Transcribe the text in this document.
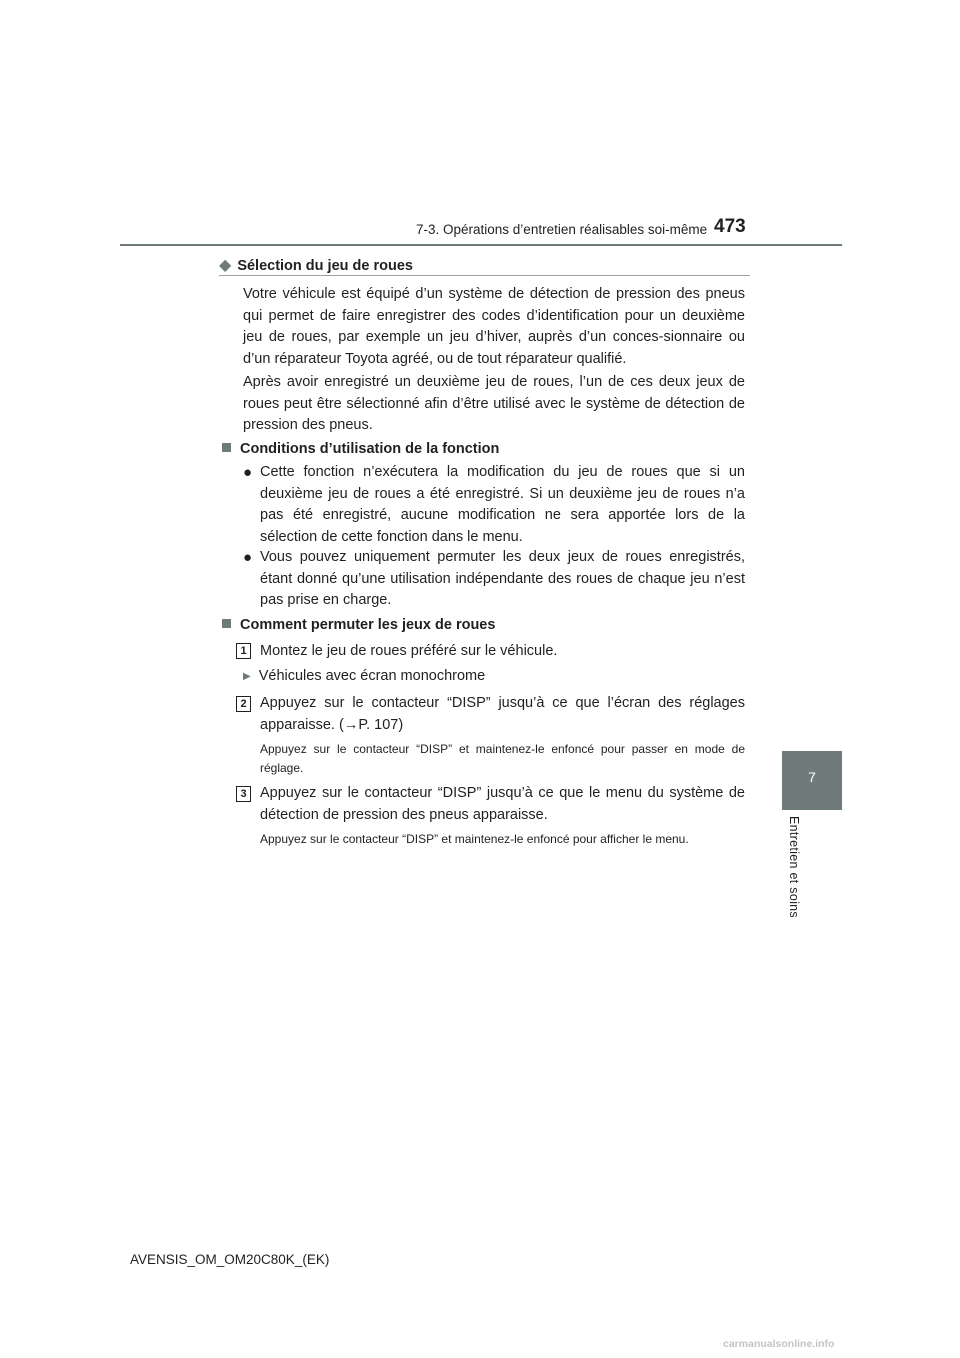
7-3. Opérations d’entretien réalisables soi-même 473
7
Entretien et soins
◆ Sélection du jeu de roues
Votre véhicule est équipé d’un système de détection de pression des pneus qui permet de faire enregistrer des codes d’identification pour un deuxième jeu de roues, par exemple un jeu d’hiver, auprès d’un conces-sionnaire ou d’un réparateur Toyota agréé, ou de tout réparateur qualifié.
Après avoir enregistré un deuxième jeu de roues, l’un de ces deux jeux de roues peut être sélectionné afin d’être utilisé avec le système de détection de pression des pneus.
Conditions d’utilisation de la fonction
● Cette fonction n’exécutera la modification du jeu de roues que si un deuxième jeu de roues a été enregistré. Si un deuxième jeu de roues n’a pas été enregistré, aucune modification ne sera apportée lors de la sélection de cette fonction dans le menu.
● Vous pouvez uniquement permuter les deux jeux de roues enregistrés, étant donné qu’une utilisation indépendante des roues de chaque jeu n’est pas prise en charge.
Comment permuter les jeux de roues
1 Montez le jeu de roues préféré sur le véhicule.
▶ Véhicules avec écran monochrome
2 Appuyez sur le contacteur “DISP” jusqu’à ce que l’écran des réglages apparaisse. (→P. 107)
Appuyez sur le contacteur “DISP” et maintenez-le enfoncé pour passer en mode de réglage.
3 Appuyez sur le contacteur “DISP” jusqu’à ce que le menu du système de détection de pression des pneus apparaisse.
Appuyez sur le contacteur “DISP” et maintenez-le enfoncé pour afficher le menu.
AVENSIS_OM_OM20C80K_(EK)
carmanualsonline.info
